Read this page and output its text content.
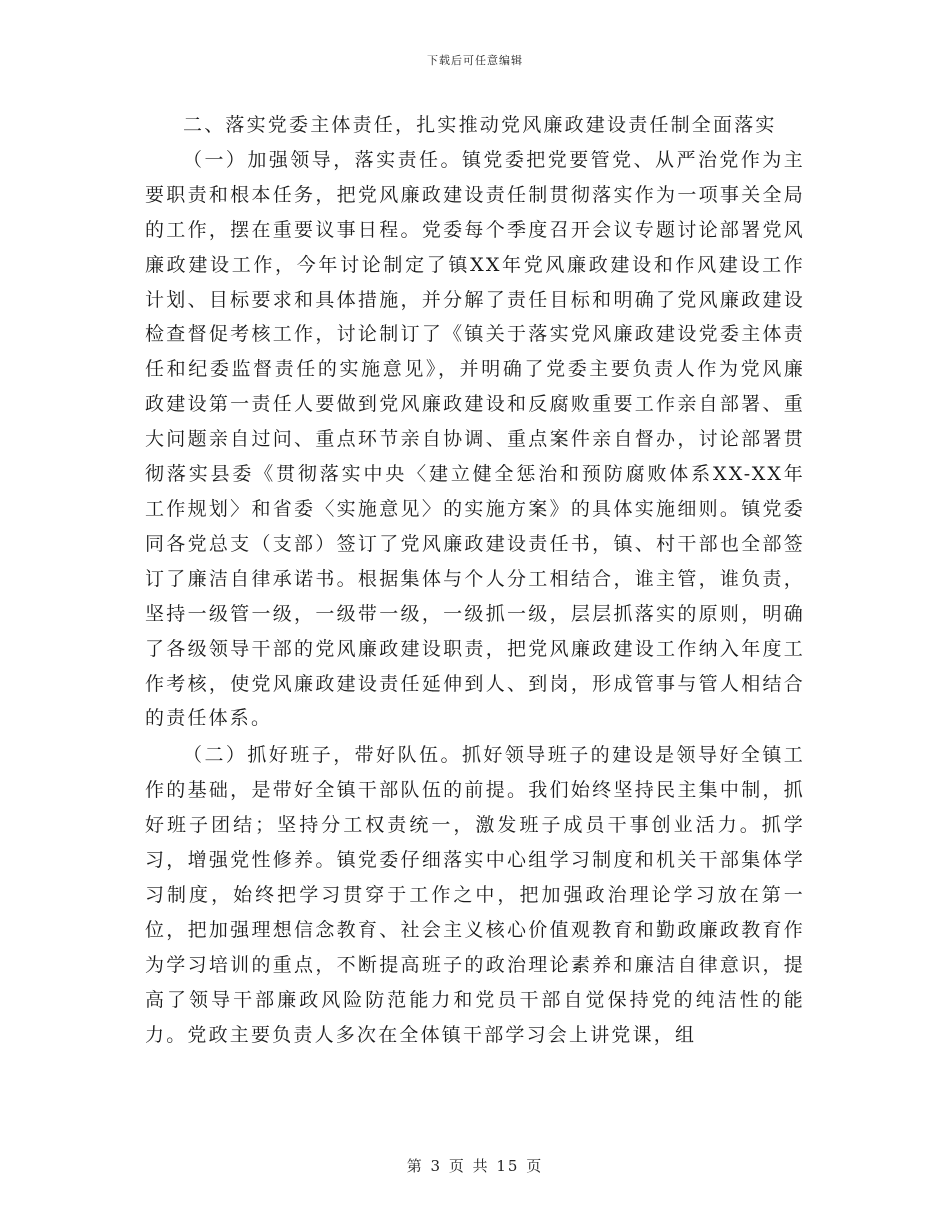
下载后可任意编辑

二、落实党委主体责任，扎实推动党风廉政建设责任制全面落实

（一）加强领导，落实责任。镇党委把党要管党、从严治党作为主要职责和根本任务，把党风廉政建设责任制贯彻落实作为一项事关全局的工作，摆在重要议事日程。党委每个季度召开会议专题讨论部署党风廉政建设工作，今年讨论制定了镇XX年党风廉政建设和作风建设工作计划、目标要求和具体措施，并分解了责任目标和明确了党风廉政建设检查督促考核工作，讨论制订了《镇关于落实党风廉政建设党委主体责任和纪委监督责任的实施意见》，并明确了党委主要负责人作为党风廉政建设第一责任人要做到党风廉政建设和反腐败重要工作亲自部署、重大问题亲自过问、重点环节亲自协调、重点案件亲自督办，讨论部署贯彻落实县委《贯彻落实中央〈建立健全惩治和预防腐败体系XX-XX年工作规划〉和省委〈实施意见〉的实施方案》的具体实施细则。镇党委同各党总支（支部）签订了党风廉政建设责任书，镇、村干部也全部签订了廉洁自律承诺书。根据集体与个人分工相结合，谁主管，谁负责，坚持一级管一级，一级带一级，一级抓一级，层层抓落实的原则，明确了各级领导干部的党风廉政建设职责，把党风廉政建设工作纳入年度工作考核，使党风廉政建设责任延伸到人、到岗，形成管事与管人相结合的责任体系。

（二）抓好班子，带好队伍。抓好领导班子的建设是领导好全镇工作的基础，是带好全镇干部队伍的前提。我们始终坚持民主集中制，抓好班子团结；坚持分工权责统一，激发班子成员干事创业活力。抓学习，增强党性修养。镇党委仔细落实中心组学习制度和机关干部集体学习制度，始终把学习贯穿于工作之中，把加强政治理论学习放在第一位，把加强理想信念教育、社会主义核心价值观教育和勤政廉政教育作为学习培训的重点，不断提高班子的政治理论素养和廉洁自律意识，提高了领导干部廉政风险防范能力和党员干部自觉保持党的纯洁性的能力。党政主要负责人多次在全体镇干部学习会上讲党课，组

第 3 页 共 15 页
